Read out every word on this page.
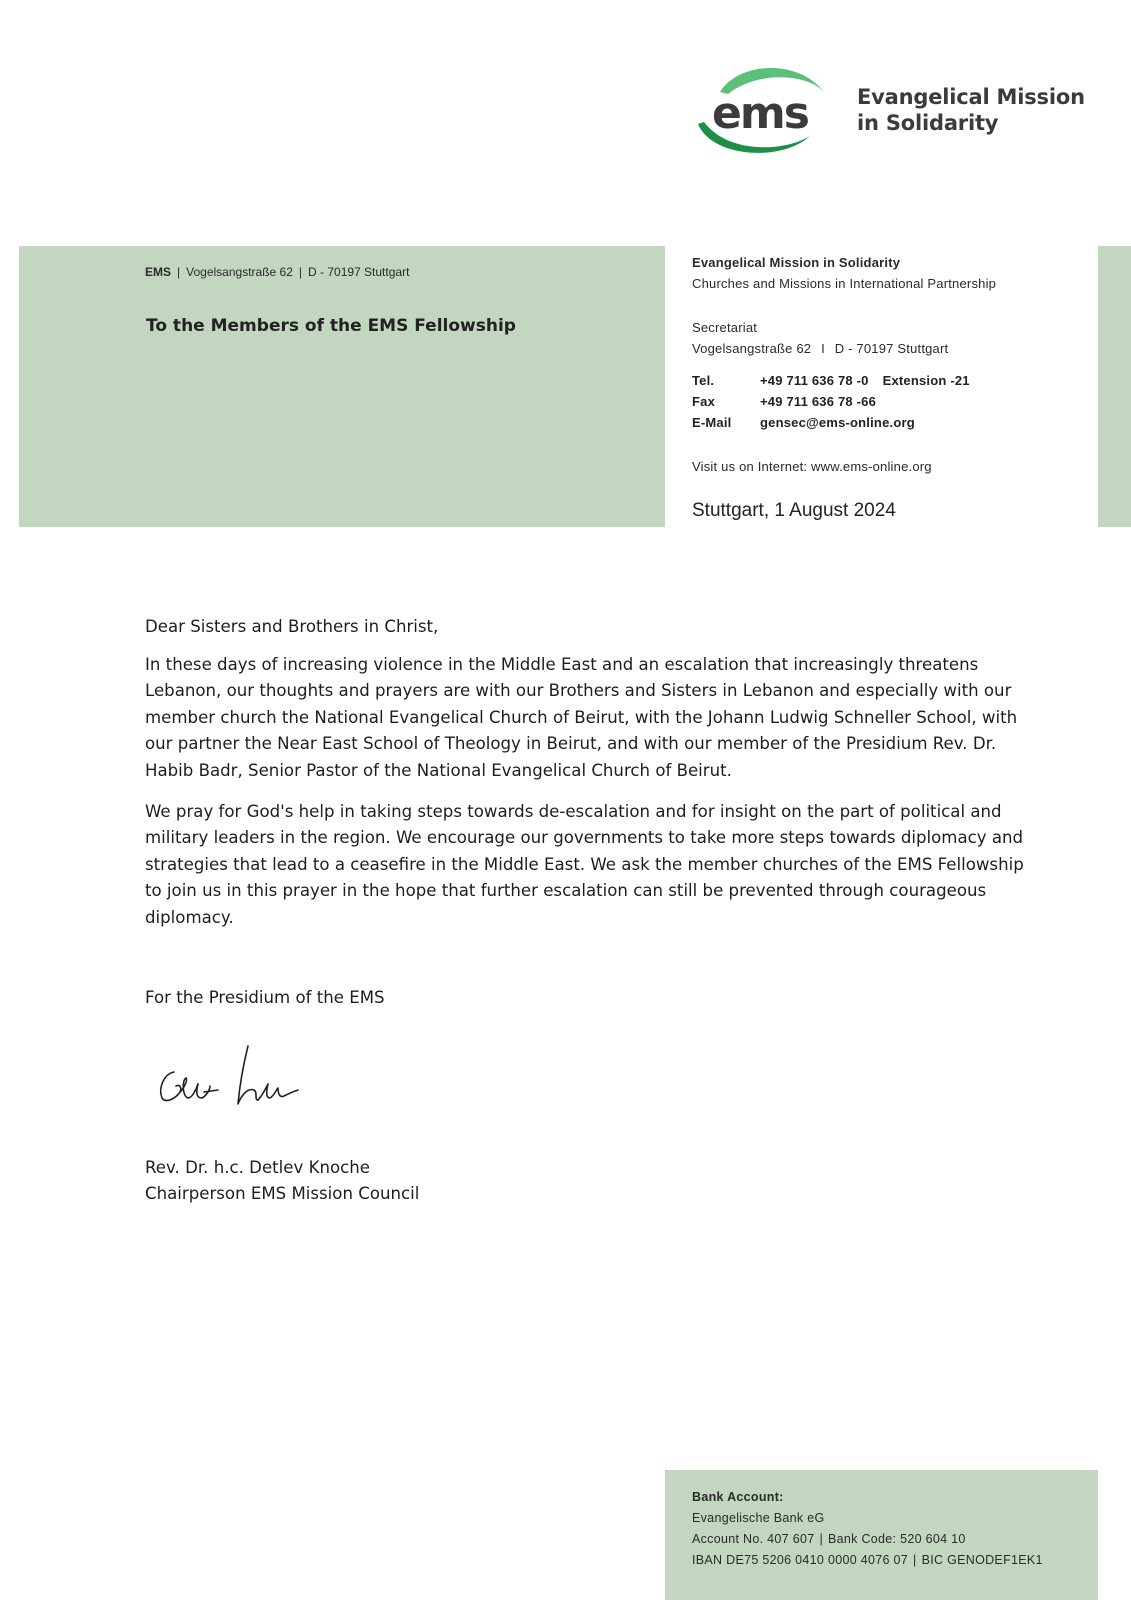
ems Evangelical Mission
in Solidarity
EMS | Vogelsangstraße 62 | D - 70197 Stuttgart
To the Members of the EMS Fellowship
Evangelical Mission in Solidarity
Churches and Missions in International Partnership
Secretariat
Vogelsangstraße 62 I D - 70197 Stuttgart
Tel.	+49 711 636 78 -0 Extension -21
Fax	+49 711 636 78 -66
E-Mail gensec@ems-online.org
Visit us on Internet: www.ems-online.org
Stuttgart, 1 August 2024

Dear Sisters and Brothers in Christ,

In these days of increasing violence in the Middle East and an escalation that increasingly threatens
Lebanon, our thoughts and prayers are with our Brothers and Sisters in Lebanon and especially with our
member church the National Evangelical Church of Beirut, with the Johann Ludwig Schneller School, with
our partner the Near East School of Theology in Beirut, and with our member of the Presidium Rev. Dr.
Habib Badr, Senior Pastor of the National Evangelical Church of Beirut.

We pray for God's help in taking steps towards de-escalation and for insight on the part of political and
military leaders in the region. We encourage our governments to take more steps towards diplomacy and
strategies that lead to a ceasefire in the Middle East. We ask the member churches of the EMS Fellowship
to join us in this prayer in the hope that further escalation can still be prevented through courageous
diplomacy.

For the Presidium of the EMS

Rev. Dr. h.c. Detlev Knoche

Chairperson EMS Mission Council

Bank Account:
Evangelische Bank eG
Account No. 407 607 | Bank Code: 520 604 10
IBAN DE75 5206 0410 0000 4076 07 | BIC GENODEF1EK1
